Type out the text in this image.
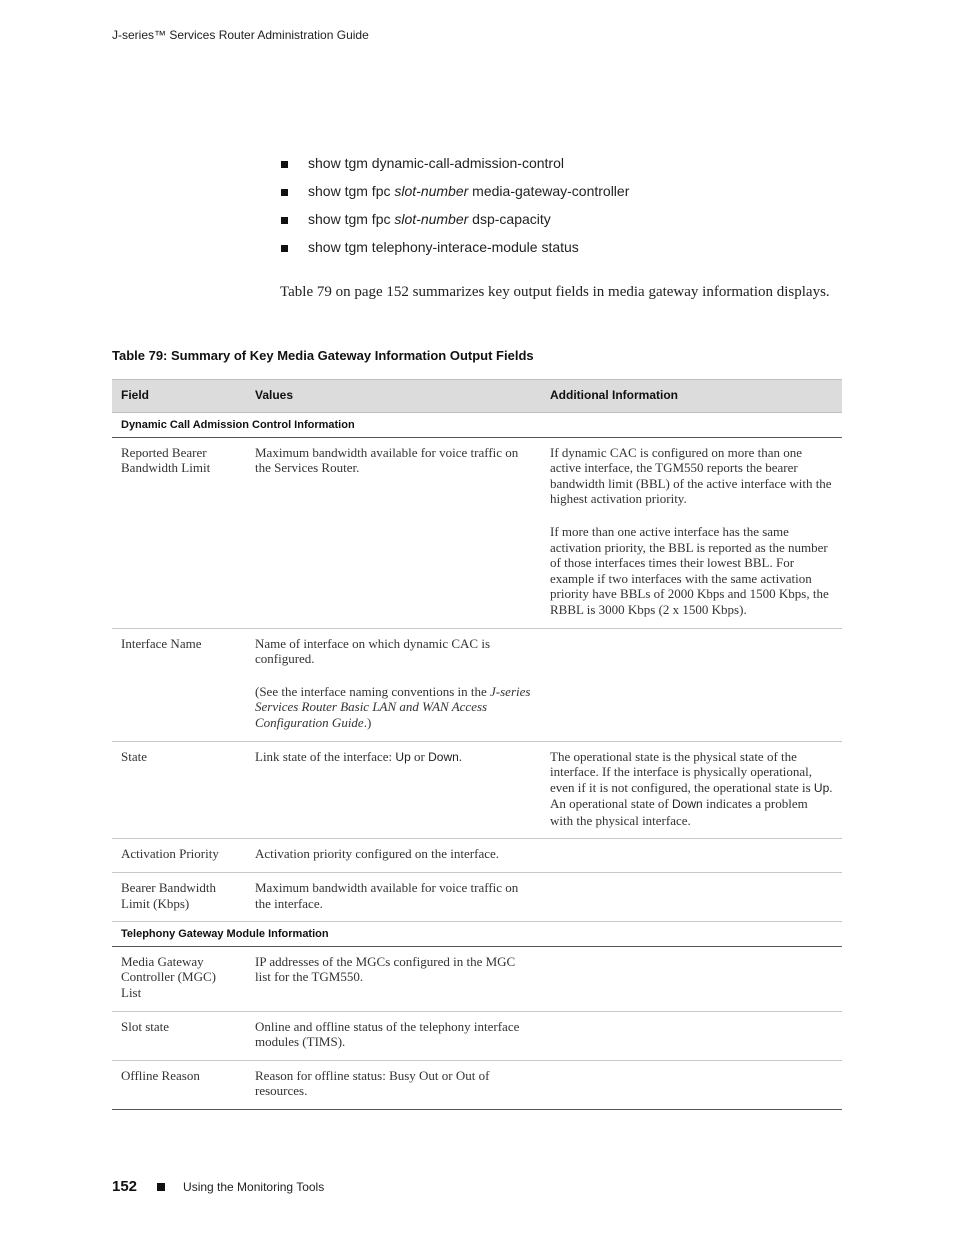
J-series™ Services Router Administration Guide
show tgm dynamic-call-admission-control
show tgm fpc slot-number media-gateway-controller
show tgm fpc slot-number dsp-capacity
show tgm telephony-interace-module status

Table 79 on page 152 summarizes key output fields in media gateway information displays.

Table 79: Summary of Key Media Gateway Information Output Fields
Field	Values	Additional Information
Dynamic Call Admission Control Information		
Reported Bearer Bandwidth Limit	Maximum bandwidth available for voice traffic on the Services Router.	If dynamic CAC is configured on more than one active interface, the TGM550 reports the bearer bandwidth limit (BBL) of the active interface with the highest activation priority.

If more than one active interface has the same activation priority, the BBL is reported as the number of those interfaces times their lowest BBL. For example if two interfaces with the same activation priority have BBLs of 2000 Kbps and 1500 Kbps, the RBBL is 3000 Kbps (2 x 1500 Kbps).

Interface Name	Name of interface on which dynamic CAC is configured.

(See the interface naming conventions in the J-series Services Router Basic LAN and WAN Access Configuration Guide.)	

State	Link state of the interface: Up or Down.	The operational state is the physical state of the interface. If the interface is physically operational, even if it is not configured, the operational state is Up. An operational state of Down indicates a problem with the physical interface.
Activation Priority	Activation priority configured on the interface.	
Bearer Bandwidth Limit (Kbps)	Maximum bandwidth available for voice traffic on the interface.	
Telephony Gateway Module Information		
Media Gateway Controller (MGC) List	IP addresses of the MGCs configured in the MGC list for the TGM550.	
Slot state	Online and offline status of the telephony interface modules (TIMS).	
Offline Reason	Reason for offline status: Busy Out or Out of resources.	
152	Using the Monitoring Tools
